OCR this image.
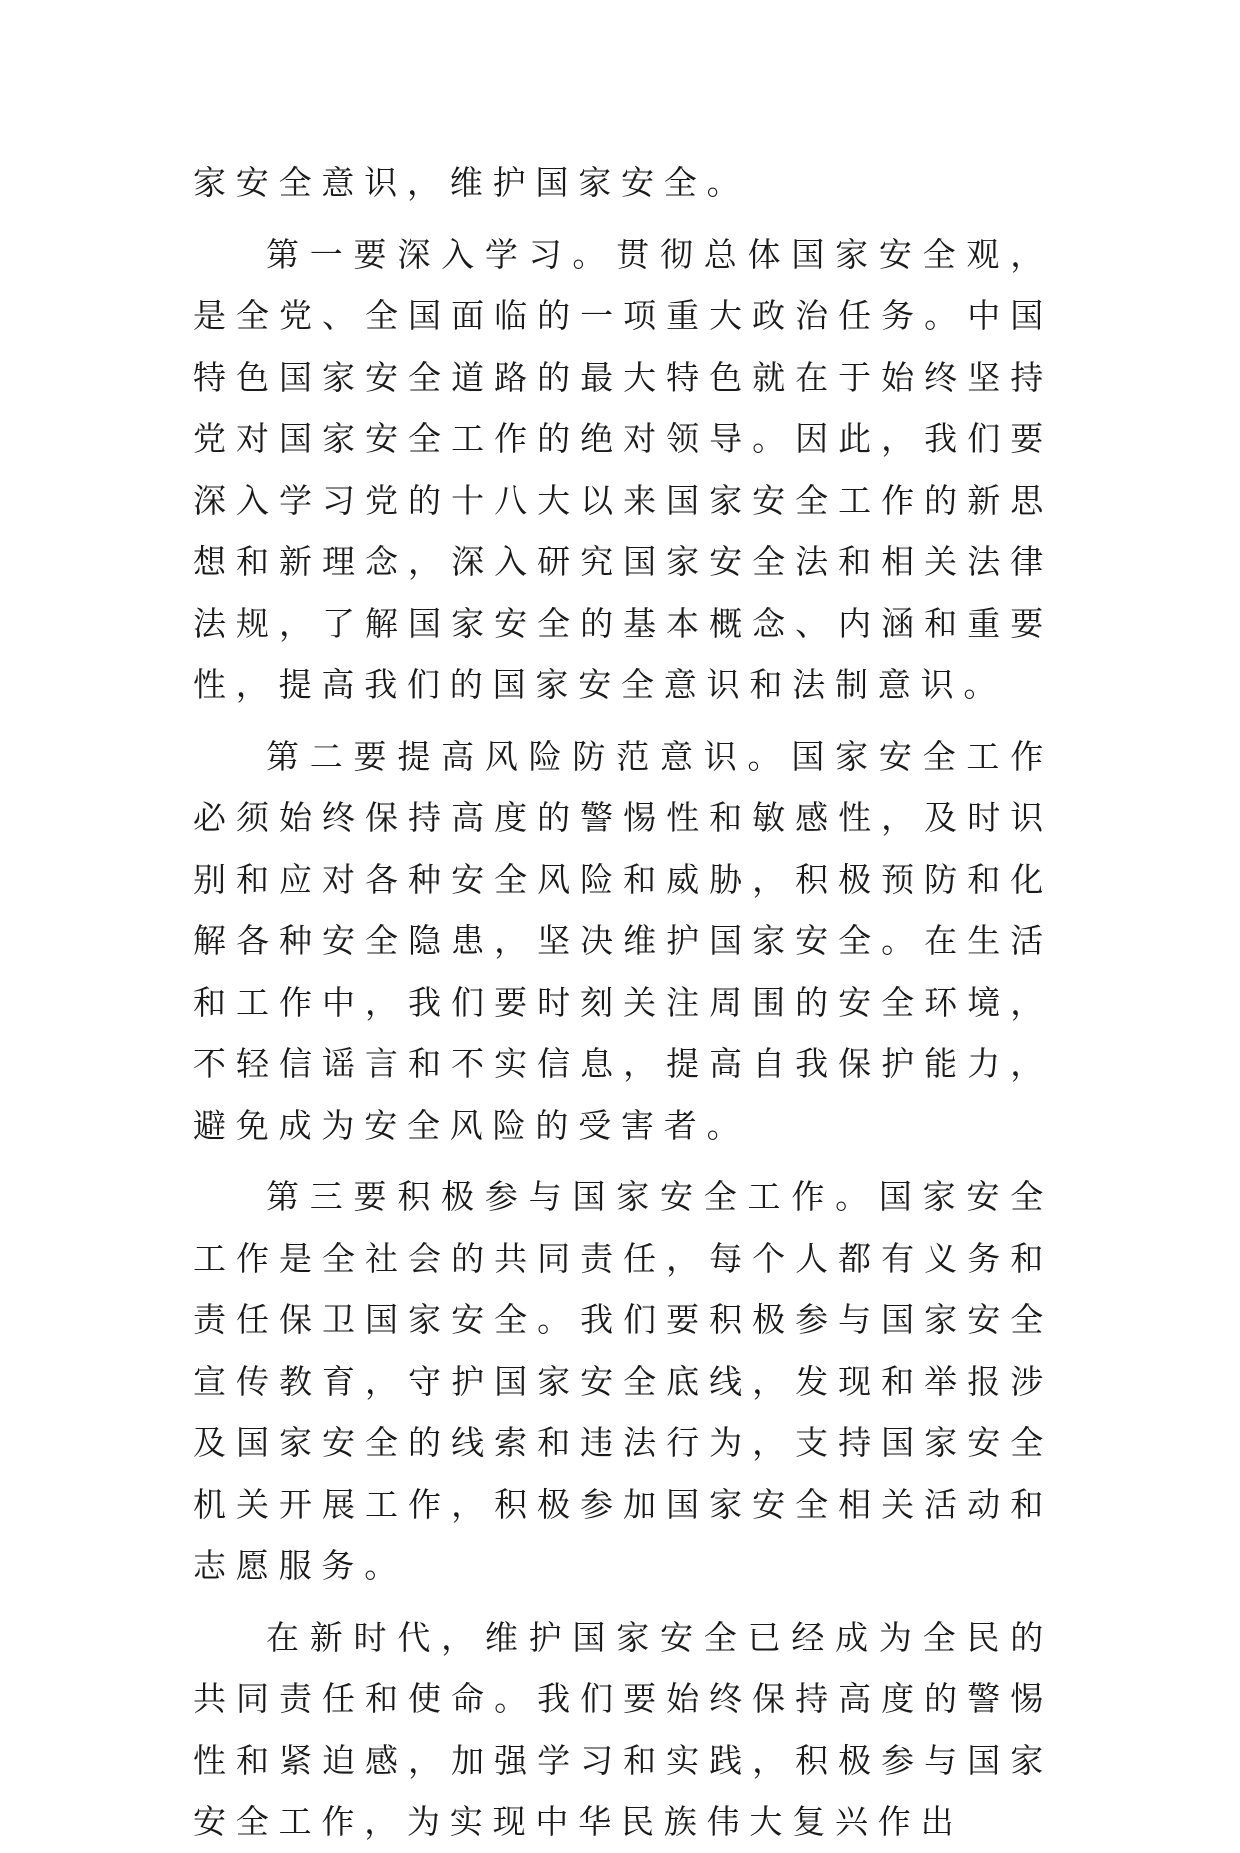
家安全意识，维护国家安全。

第一要深入学习。贯彻总体国家安全观，是全党、全国面临的一项重大政治任务。中国特色国家安全道路的最大特色就在于始终坚持党对国家安全工作的绝对领导。因此，我们要深入学习党的十八大以来国家安全工作的新思想和新理念，深入研究国家安全法和相关法律法规，了解国家安全的基本概念、内涵和重要性，提高我们的国家安全意识和法制意识。

第二要提高风险防范意识。国家安全工作必须始终保持高度的警惕性和敏感性，及时识别和应对各种安全风险和威胁，积极预防和化解各种安全隐患，坚决维护国家安全。在生活和工作中，我们要时刻关注周围的安全环境，不轻信谣言和不实信息，提高自我保护能力，避免成为安全风险的受害者。

第三要积极参与国家安全工作。国家安全工作是全社会的共同责任，每个人都有义务和责任保卫国家安全。我们要积极参与国家安全宣传教育，守护国家安全底线，发现和举报涉及国家安全的线索和违法行为，支持国家安全机关开展工作，积极参加国家安全相关活动和志愿服务。

在新时代，维护国家安全已经成为全民的共同责任和使命。我们要始终保持高度的警惕性和紧迫感，加强学习和实践，积极参与国家安全工作，为实现中华民族伟大复兴作出
